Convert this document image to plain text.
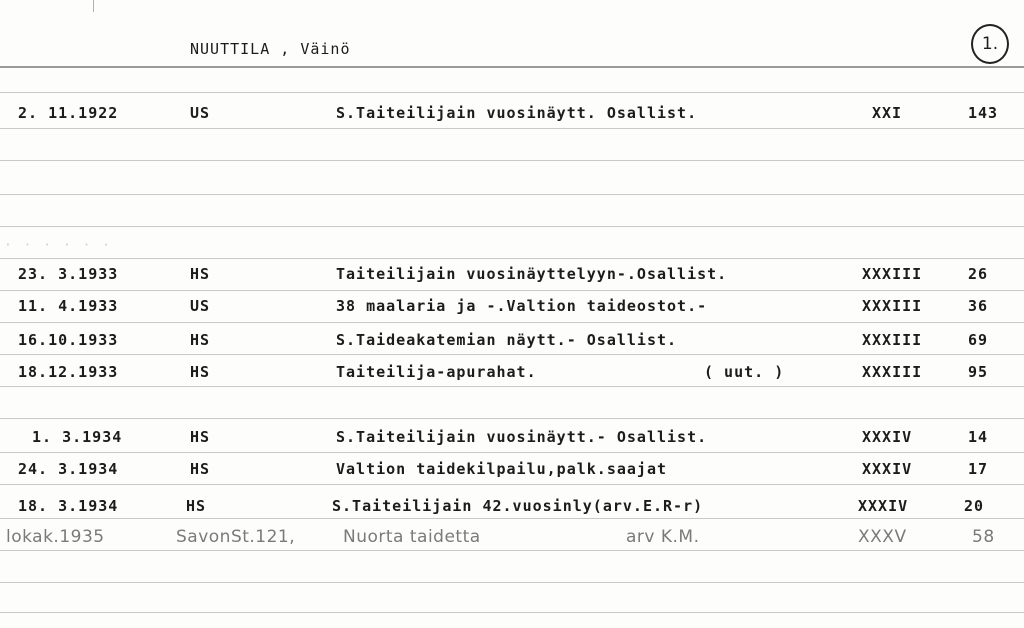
NUUTTILA , Väinö	1.
· · · · · ·
2. 11.1922	US	S.Taiteilijain vuosinäytt. Osallist.	XXI	143
23. 3.1933	HS	Taiteilijain vuosinäyttelyyn-.Osallist.	XXXIII	26
11. 4.1933	US	38 maalaria ja -.Valtion taideostot.-	XXXIII	36
16.10.1933	HS	S.Taideakatemian näytt.- Osallist.	XXXIII	69
18.12.1933	HS	Taiteilija-apurahat.	( uut. )	XXXIII	95
1. 3.1934	HS	S.Taiteilijain vuosinäytt.- Osallist.	XXXIV	14
24. 3.1934	HS	Valtion taidekilpailu,palk.saajat	XXXIV	17
18. 3.1934	HS	S.Taiteilijain 42.vuosinly(arv.E.R-r)	XXXIV	20
lokak.1935	SavonSt.121,	Nuorta taidetta	arv K.M.	XXXV	58
